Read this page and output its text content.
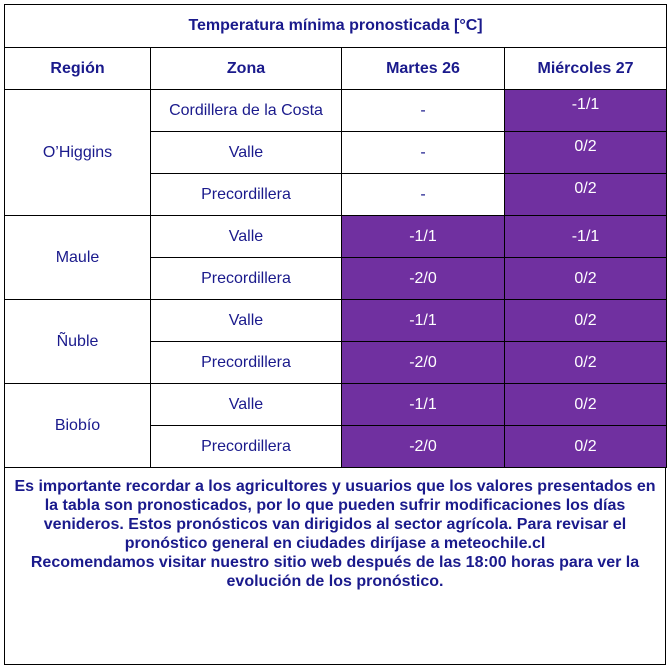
Temperatura mínima pronosticada [°C]			
Región	Zona	Martes 26	Miércoles 27
O’Higgins	Cordillera de la Costa	-	-1/1
	Valle	-	0/2
	Precordillera	-	0/2
Maule	Valle	-1/1	-1/1
	Precordillera	-2/0	0/2
Ñuble	Valle	-1/1	0/2
	Precordillera	-2/0	0/2
Biobío	Valle	-1/1	0/2
	Precordillera	-2/0	0/2

Es importante recordar a los agricultores y usuarios que los valores presentados en la tabla son pronosticados, por lo que pueden sufrir modificaciones los días venideros. Estos pronósticos van dirigidos al sector agrícola. Para revisar el pronóstico general en ciudades diríjase a meteochile.cl

Recomendamos visitar nuestro sitio web después de las 18:00 horas para ver la evolución de los pronóstico.
